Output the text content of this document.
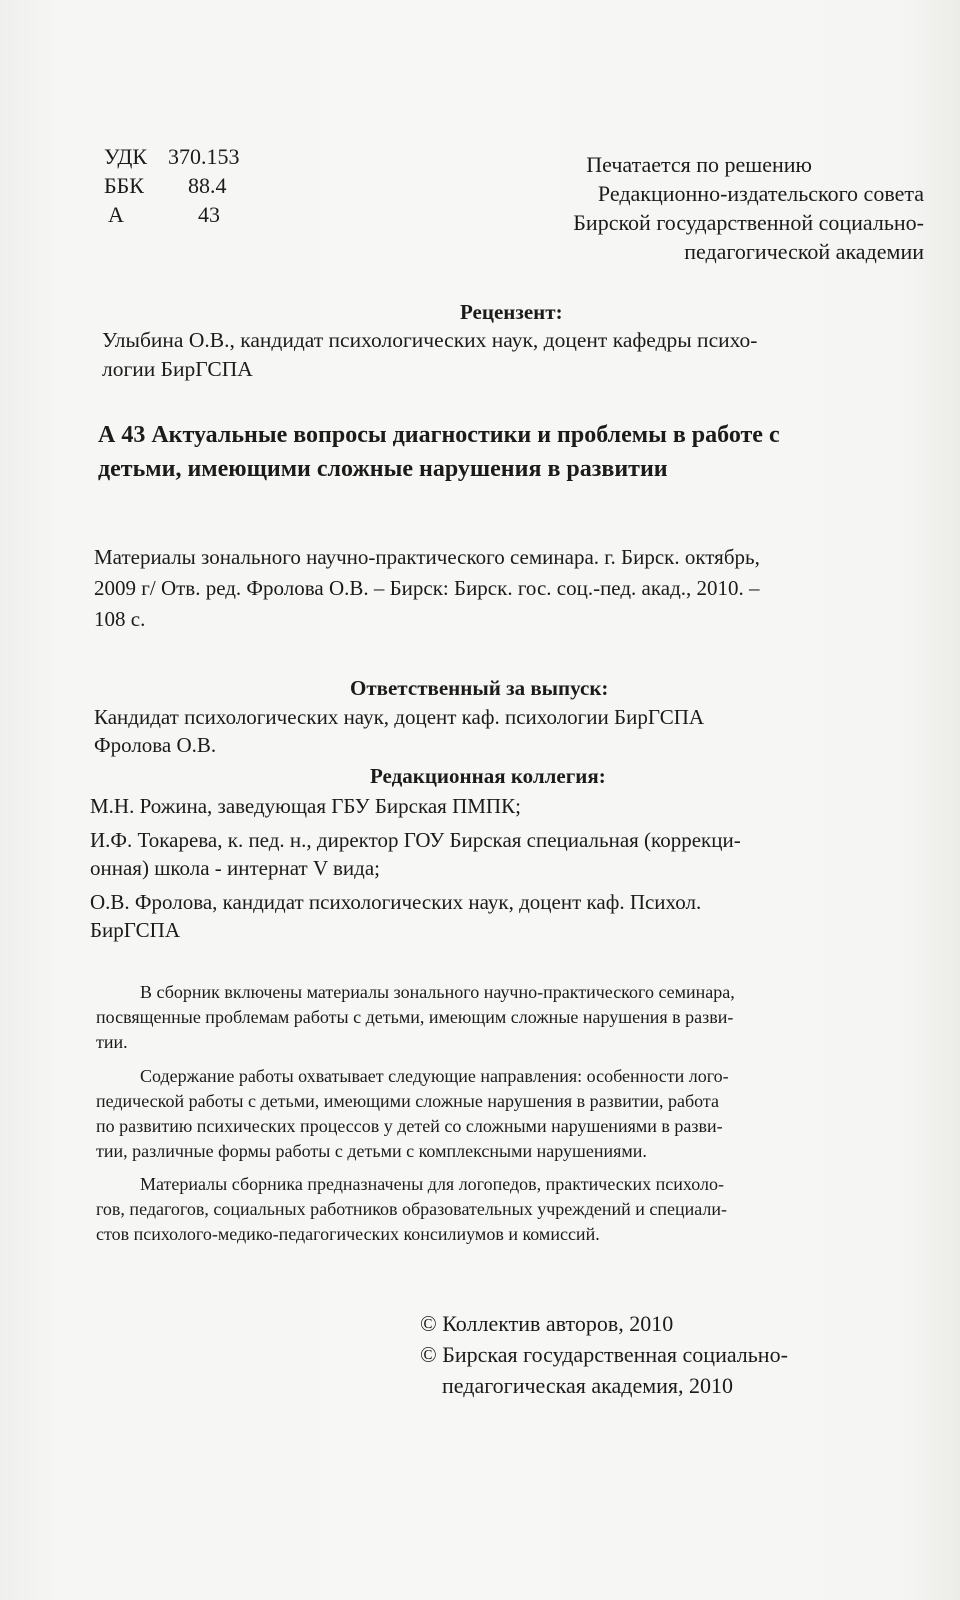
УДК 370.153
ББК 88.4
А	43
Печатается по решению
Редакционно-издательского совета
Бирской государственной социально-
педагогической академии
Рецензент:
Улыбина О.В., кандидат психологических наук, доцент кафедры психо-
логии БирГСПА
А 43 Актуальные вопросы диагностики и проблемы в работе с
детьми, имеющими сложные нарушения в развитии
Материалы зонального научно-практического семинара. г. Бирск. октябрь,
2009 г/ Отв. ред. Фролова О.В. – Бирск: Бирск. гос. соц.-пед. акад., 2010. –
108 с.
Ответственный за выпуск:
Кандидат психологических наук, доцент каф. психологии БирГСПА
Фролова О.В.
Редакционная коллегия:
М.Н. Рожина, заведующая ГБУ Бирская ПМПК;
И.Ф. Токарева, к. пед. н., директор ГОУ Бирская специальная (коррекци-
онная) школа - интернат V вида;
О.В. Фролова, кандидат психологических наук, доцент каф. Психол.
БирГСПА
В сборник включены материалы зонального научно-практического семинара,
посвященные проблемам работы с детьми, имеющим сложные нарушения в разви-
тии.
Содержание работы охватывает следующие направления: особенности лого-
педической работы с детьми, имеющими сложные нарушения в развитии, работа
по развитию психических процессов у детей со сложными нарушениями в разви-
тии, различные формы работы с детьми с комплексными нарушениями.
Материалы сборника предназначены для логопедов, практических психоло-
гов, педагогов, социальных работников образовательных учреждений и специали-
стов психолого-медико-педагогических консилиумов и комиссий.
© Коллектив авторов, 2010
© Бирская государственная социально-
педагогическая академия, 2010
